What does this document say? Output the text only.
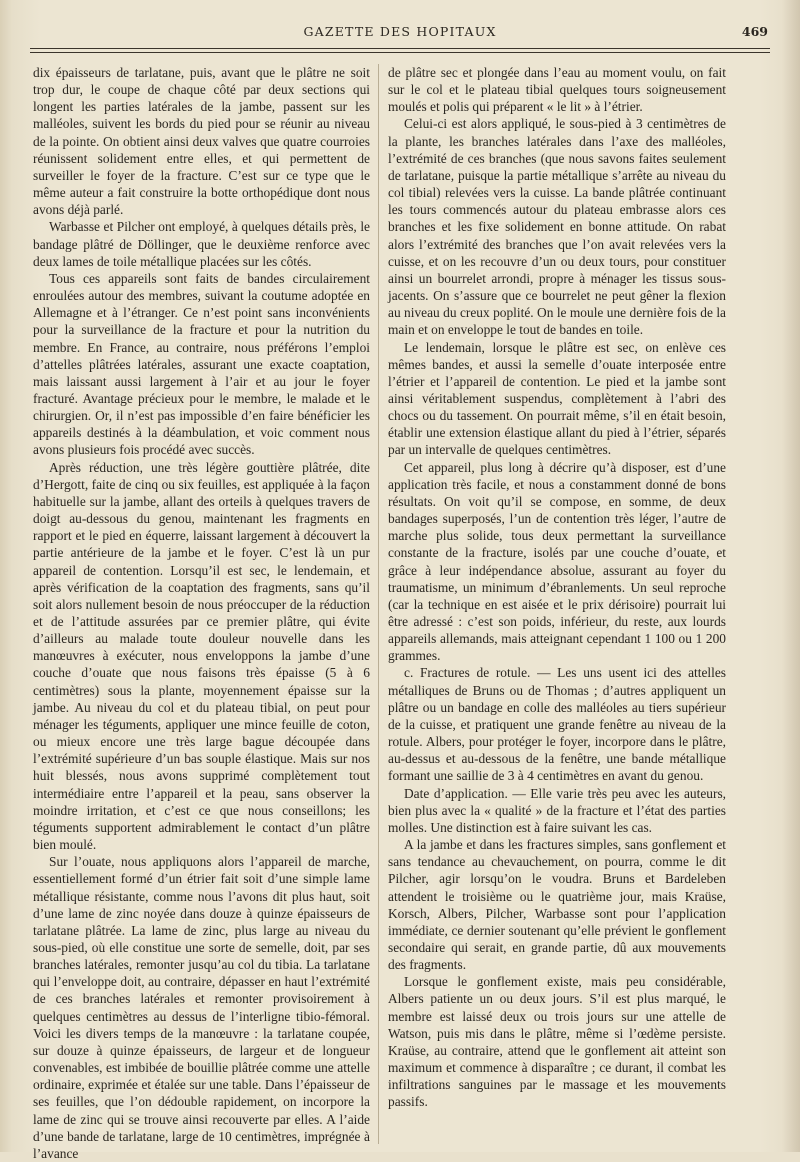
GAZETTE DES HOPITAUX	469

dix épaisseurs de tarlatane, puis, avant que le plâtre ne soit trop dur, le coupe de chaque côté par deux sections qui longent les parties latérales de la jambe, passent sur les malléoles, suivent les bords du pied pour se réunir au niveau de la pointe. On obtient ainsi deux valves que quatre courroies réunissent solidement entre elles, et qui permettent de surveiller le foyer de la fracture. C’est sur ce type que le même auteur a fait construire la botte orthopédique dont nous avons déjà parlé.

Warbasse et Pilcher ont employé, à quelques détails près, le bandage plâtré de Döllinger, que le deuxième renforce avec deux lames de toile métallique placées sur les côtés.

Tous ces appareils sont faits de bandes circulairement enroulées autour des membres, suivant la coutume adoptée en Allemagne et à l’étranger. Ce n’est point sans inconvénients pour la surveillance de la fracture et pour la nutrition du membre. En France, au contraire, nous préférons l’emploi d’attelles plâtrées latérales, assurant une exacte coaptation, mais laissant aussi largement à l’air et au jour le foyer fracturé. Avantage précieux pour le membre, le malade et le chirurgien. Or, il n’est pas impossible d’en faire bénéficier les appareils destinés à la déambulation, et voic comment nous avons plusieurs fois procédé avec succès.

Après réduction, une très légère gouttière plâtrée, dite d’Hergott, faite de cinq ou six feuilles, est appliquée à la façon habituelle sur la jambe, allant des orteils à quelques travers de doigt au-dessous du genou, maintenant les fragments en rapport et le pied en équerre, laissant largement à découvert la partie antérieure de la jambe et le foyer. C’est là un pur appareil de contention. Lorsqu’il est sec, le lendemain, et après vérification de la coaptation des fragments, sans qu’il soit alors nullement besoin de nous préoccuper de la réduction et de l’attitude assurées par ce premier plâtre, qui évite d’ailleurs au malade toute douleur nouvelle dans les manœuvres à exécuter, nous enveloppons la jambe d’une couche d’ouate que nous faisons très épaisse (5 à 6 centimètres) sous la plante, moyennement épaisse sur la jambe. Au niveau du col et du plateau tibial, on peut pour ménager les téguments, appliquer une mince feuille de coton, ou mieux encore une très large bague découpée dans l’extrémité supérieure d’un bas souple élastique. Mais sur nos huit blessés, nous avons supprimé complètement tout intermédiaire entre l’appareil et la peau, sans observer la moindre irritation, et c’est ce que nous conseillons; les téguments supportent admirablement le contact d’un plâtre bien moulé.

Sur l’ouate, nous appliquons alors l’appareil de marche, essentiellement formé d’un étrier fait soit d’une simple lame métallique résistante, comme nous l’avons dit plus haut, soit d’une lame de zinc noyée dans douze à quinze épaisseurs de tarlatane plâtrée. La lame de zinc, plus large au niveau du sous-pied, où elle constitue une sorte de semelle, doit, par ses branches latérales, remonter jusqu’au col du tibia. La tarlatane qui l’enveloppe doit, au contraire, dépasser en haut l’extrémité de ces branches latérales et remonter provisoirement à quelques centimètres au dessus de l’interligne tibio-fémoral. Voici les divers temps de la manœuvre : la tarlatane coupée, sur douze à quinze épaisseurs, de largeur et de longueur convenables, est imbibée de bouillie plâtrée comme une attelle ordinaire, exprimée et étalée sur une table. Dans l’épaisseur de ses feuilles, que l’on dédouble rapidement, on incorpore la lame de zinc qui se trouve ainsi recouverte par elles. A l’aide d’une bande de tarlatane, large de 10 centimètres, imprégnée à l’avance

de plâtre sec et plongée dans l’eau au moment voulu, on fait sur le col et le plateau tibial quelques tours soigneusement moulés et polis qui préparent « le lit » à l’étrier.

Celui-ci est alors appliqué, le sous-pied à 3 centimètres de la plante, les branches latérales dans l’axe des malléoles, l’extrémité de ces branches (que nous savons faites seulement de tarlatane, puisque la partie métallique s’arrête au niveau du col tibial) relevées vers la cuisse. La bande plâtrée continuant les tours commencés autour du plateau embrasse alors ces branches et les fixe solidement en bonne attitude. On rabat alors l’extrémité des branches que l’on avait relevées vers la cuisse, et on les recouvre d’un ou deux tours, pour constituer ainsi un bourrelet arrondi, propre à ménager les tissus sous-jacents. On s’assure que ce bourrelet ne peut gêner la flexion au niveau du creux poplité. On le moule une dernière fois de la main et on enveloppe le tout de bandes en toile.

Le lendemain, lorsque le plâtre est sec, on enlève ces mêmes bandes, et aussi la semelle d’ouate interposée entre l’étrier et l’appareil de contention. Le pied et la jambe sont ainsi véritablement suspendus, complètement à l’abri des chocs ou du tassement. On pourrait même, s’il en était besoin, établir une extension élastique allant du pied à l’étrier, séparés par un intervalle de quelques centimètres.

Cet appareil, plus long à décrire qu’à disposer, est d’une application très facile, et nous a constamment donné de bons résultats. On voit qu’il se compose, en somme, de deux bandages superposés, l’un de contention très léger, l’autre de marche plus solide, tous deux permettant la surveillance constante de la fracture, isolés par une couche d’ouate, et grâce à leur indépendance absolue, assurant au foyer du traumatisme, un minimum d’ébranlements. Un seul reproche (car la technique en est aisée et le prix dérisoire) pourrait lui être adressé : c’est son poids, inférieur, du reste, aux lourds appareils allemands, mais atteignant cependant 1 100 ou 1 200 grammes.

c. Fractures de rotule. — Les uns usent ici des attelles métalliques de Bruns ou de Thomas ; d’autres appliquent un plâtre ou un bandage en colle des malléoles au tiers supérieur de la cuisse, et pratiquent une grande fenêtre au niveau de la rotule. Albers, pour protéger le foyer, incorpore dans le plâtre, au-dessus et au-dessous de la fenêtre, une bande métallique formant une saillie de 3 à 4 centimètres en avant du genou.

Date d’application. — Elle varie très peu avec les auteurs, bien plus avec la « qualité » de la fracture et l’état des parties molles. Une distinction est à faire suivant les cas.

A la jambe et dans les fractures simples, sans gonflement et sans tendance au chevauchement, on pourra, comme le dit Pilcher, agir lorsqu’on le voudra. Bruns et Bardeleben attendent le troisième ou le quatrième jour, mais Kraüse, Korsch, Albers, Pilcher, Warbasse sont pour l’application immédiate, ce dernier soutenant qu’elle prévient le gonflement secondaire qui serait, en grande partie, dû aux mouvements des fragments.

Lorsque le gonflement existe, mais peu considérable, Albers patiente un ou deux jours. S’il est plus marqué, le membre est laissé deux ou trois jours sur une attelle de Watson, puis mis dans le plâtre, même si l’œdème persiste. Kraüse, au contraire, attend que le gonflement ait atteint son maximum et commence à disparaître ; ce durant, il combat les infiltrations sanguines par le massage et les mouvements passifs.
